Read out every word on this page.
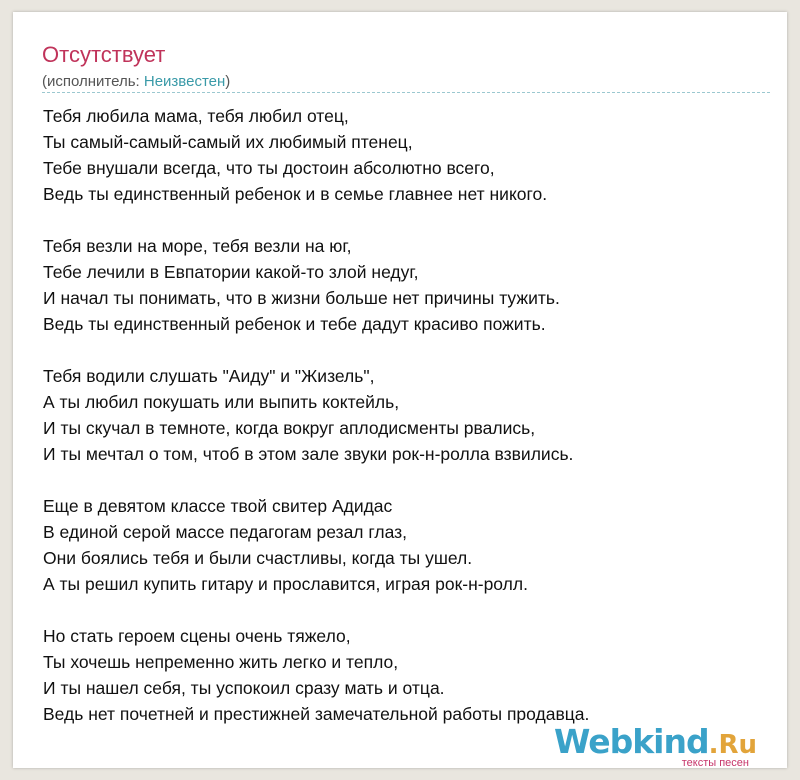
Отсутствует
(исполнитель: Неизвестен)
Тебя любила мама, тебя любил отец,
Ты самый-самый-самый их любимый птенец,
Тебе внушали всегда, что ты достоин абсолютно всего,
Ведь ты единственный ребенок и в семье главнее нет никого.
Тебя везли на море, тебя везли на юг,
Тебе лечили в Евпатории какой-то злой недуг,
И начал ты понимать, что в жизни больше нет причины тужить.
Ведь ты единственный ребенок и тебе дадут красиво пожить.
Тебя водили слушать "Аиду" и "Жизель",
А ты любил покушать или выпить коктейль,
И ты скучал в темноте, когда вокруг аплодисменты рвались,
И ты мечтал о том, чтоб в этом зале звуки рок-н-ролла взвились.
Еще в девятом классе твой свитер Адидас
В единой серой массе педагогам резал глаз,
Они боялись тебя и были счастливы, когда ты ушел.
А ты решил купить гитару и прославится, играя рок-н-ролл.
Но стать героем сцены очень тяжело,
Ты хочешь непременно жить легко и тепло,
И ты нашел себя, ты успокоил сразу мать и отца.
Ведь нет почетней и престижней замечательной работы продавца.
Webkind.Ru
тексты песен
